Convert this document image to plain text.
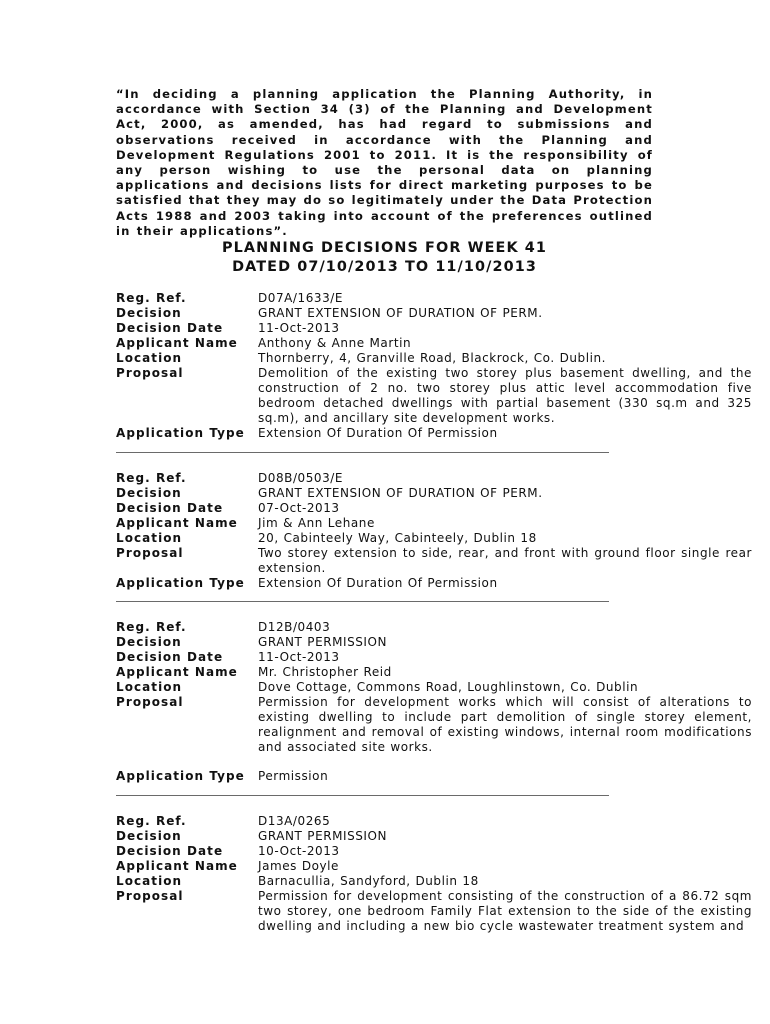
“In deciding a planning application the Planning Authority, in accordance with Section 34 (3) of the Planning and Development Act, 2000, as amended, has had regard to submissions and observations received in accordance with the Planning and Development Regulations 2001 to 2011. It is the responsibility of any person wishing to use the personal data on planning applications and decisions lists for direct marketing purposes to be satisfied that they may do so legitimately under the Data Protection Acts 1988 and 2003 taking into account of the preferences outlined in their applications”.

PLANNING DECISIONS FOR WEEK 41
DATED 07/10/2013 TO 11/10/2013
Reg. Ref.	D07A/1633/E
Decision	GRANT EXTENSION OF DURATION OF PERM.
Decision Date	11-Oct-2013
Applicant Name	Anthony & Anne Martin
Location	Thornberry, 4, Granville Road, Blackrock, Co. Dublin.
Proposal	Demolition of the existing two storey plus basement dwelling, and the construction of 2 no. two storey plus attic level accommodation five bedroom detached dwellings with partial basement (330 sq.m and 325 sq.m), and ancillary site development works.
Application Type	Extension Of Duration Of Permission
Reg. Ref.	D08B/0503/E
Decision	GRANT EXTENSION OF DURATION OF PERM.
Decision Date	07-Oct-2013
Applicant Name	Jim & Ann Lehane
Location	20, Cabinteely Way, Cabinteely, Dublin 18
Proposal	Two storey extension to side, rear, and front with ground floor single rear extension.
Application Type	Extension Of Duration Of Permission
Reg. Ref.	D12B/0403
Decision	GRANT PERMISSION
Decision Date	11-Oct-2013
Applicant Name	Mr. Christopher Reid
Location	Dove Cottage, Commons Road, Loughlinstown, Co. Dublin
Proposal	Permission for development works which will consist of alterations to existing dwelling to include part demolition of single storey element, realignment and removal of existing windows, internal room modifications and associated site works.
Application Type	Permission
Reg. Ref.	D13A/0265
Decision	GRANT PERMISSION
Decision Date	10-Oct-2013
Applicant Name	James Doyle
Location	Barnacullia, Sandyford, Dublin 18
Proposal	Permission for development consisting of the construction of a 86.72 sqm two storey, one bedroom Family Flat extension to the side of the existing dwelling and including a new bio cycle wastewater treatment system and
